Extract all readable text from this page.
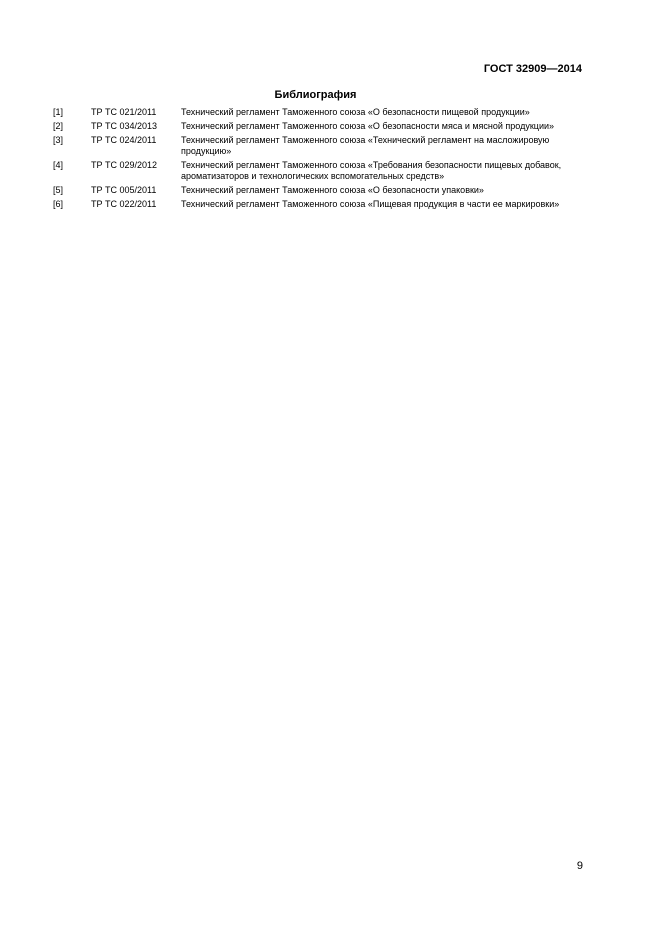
ГОСТ 32909—2014
Библиография
[1]	ТР ТС 021/2011	Технический регламент Таможенного союза «О безопасности пищевой продукции»
[2]	ТР ТС 034/2013	Технический регламент Таможенного союза «О безопасности мяса и мясной продукции»
[3]	ТР ТС 024/2011	Технический регламент Таможенного союза «Технический регламент на масложировую продукцию»
[4]	ТР ТС 029/2012	Технический регламент Таможенного союза «Требования безопасности пищевых добавок, ароматизаторов и технологических вспомогательных средств»
[5]	ТР ТС 005/2011	Технический регламент Таможенного союза «О безопасности упаковки»
[6]	ТР ТС 022/2011	Технический регламент Таможенного союза «Пищевая продукция в части ее маркировки»
9
